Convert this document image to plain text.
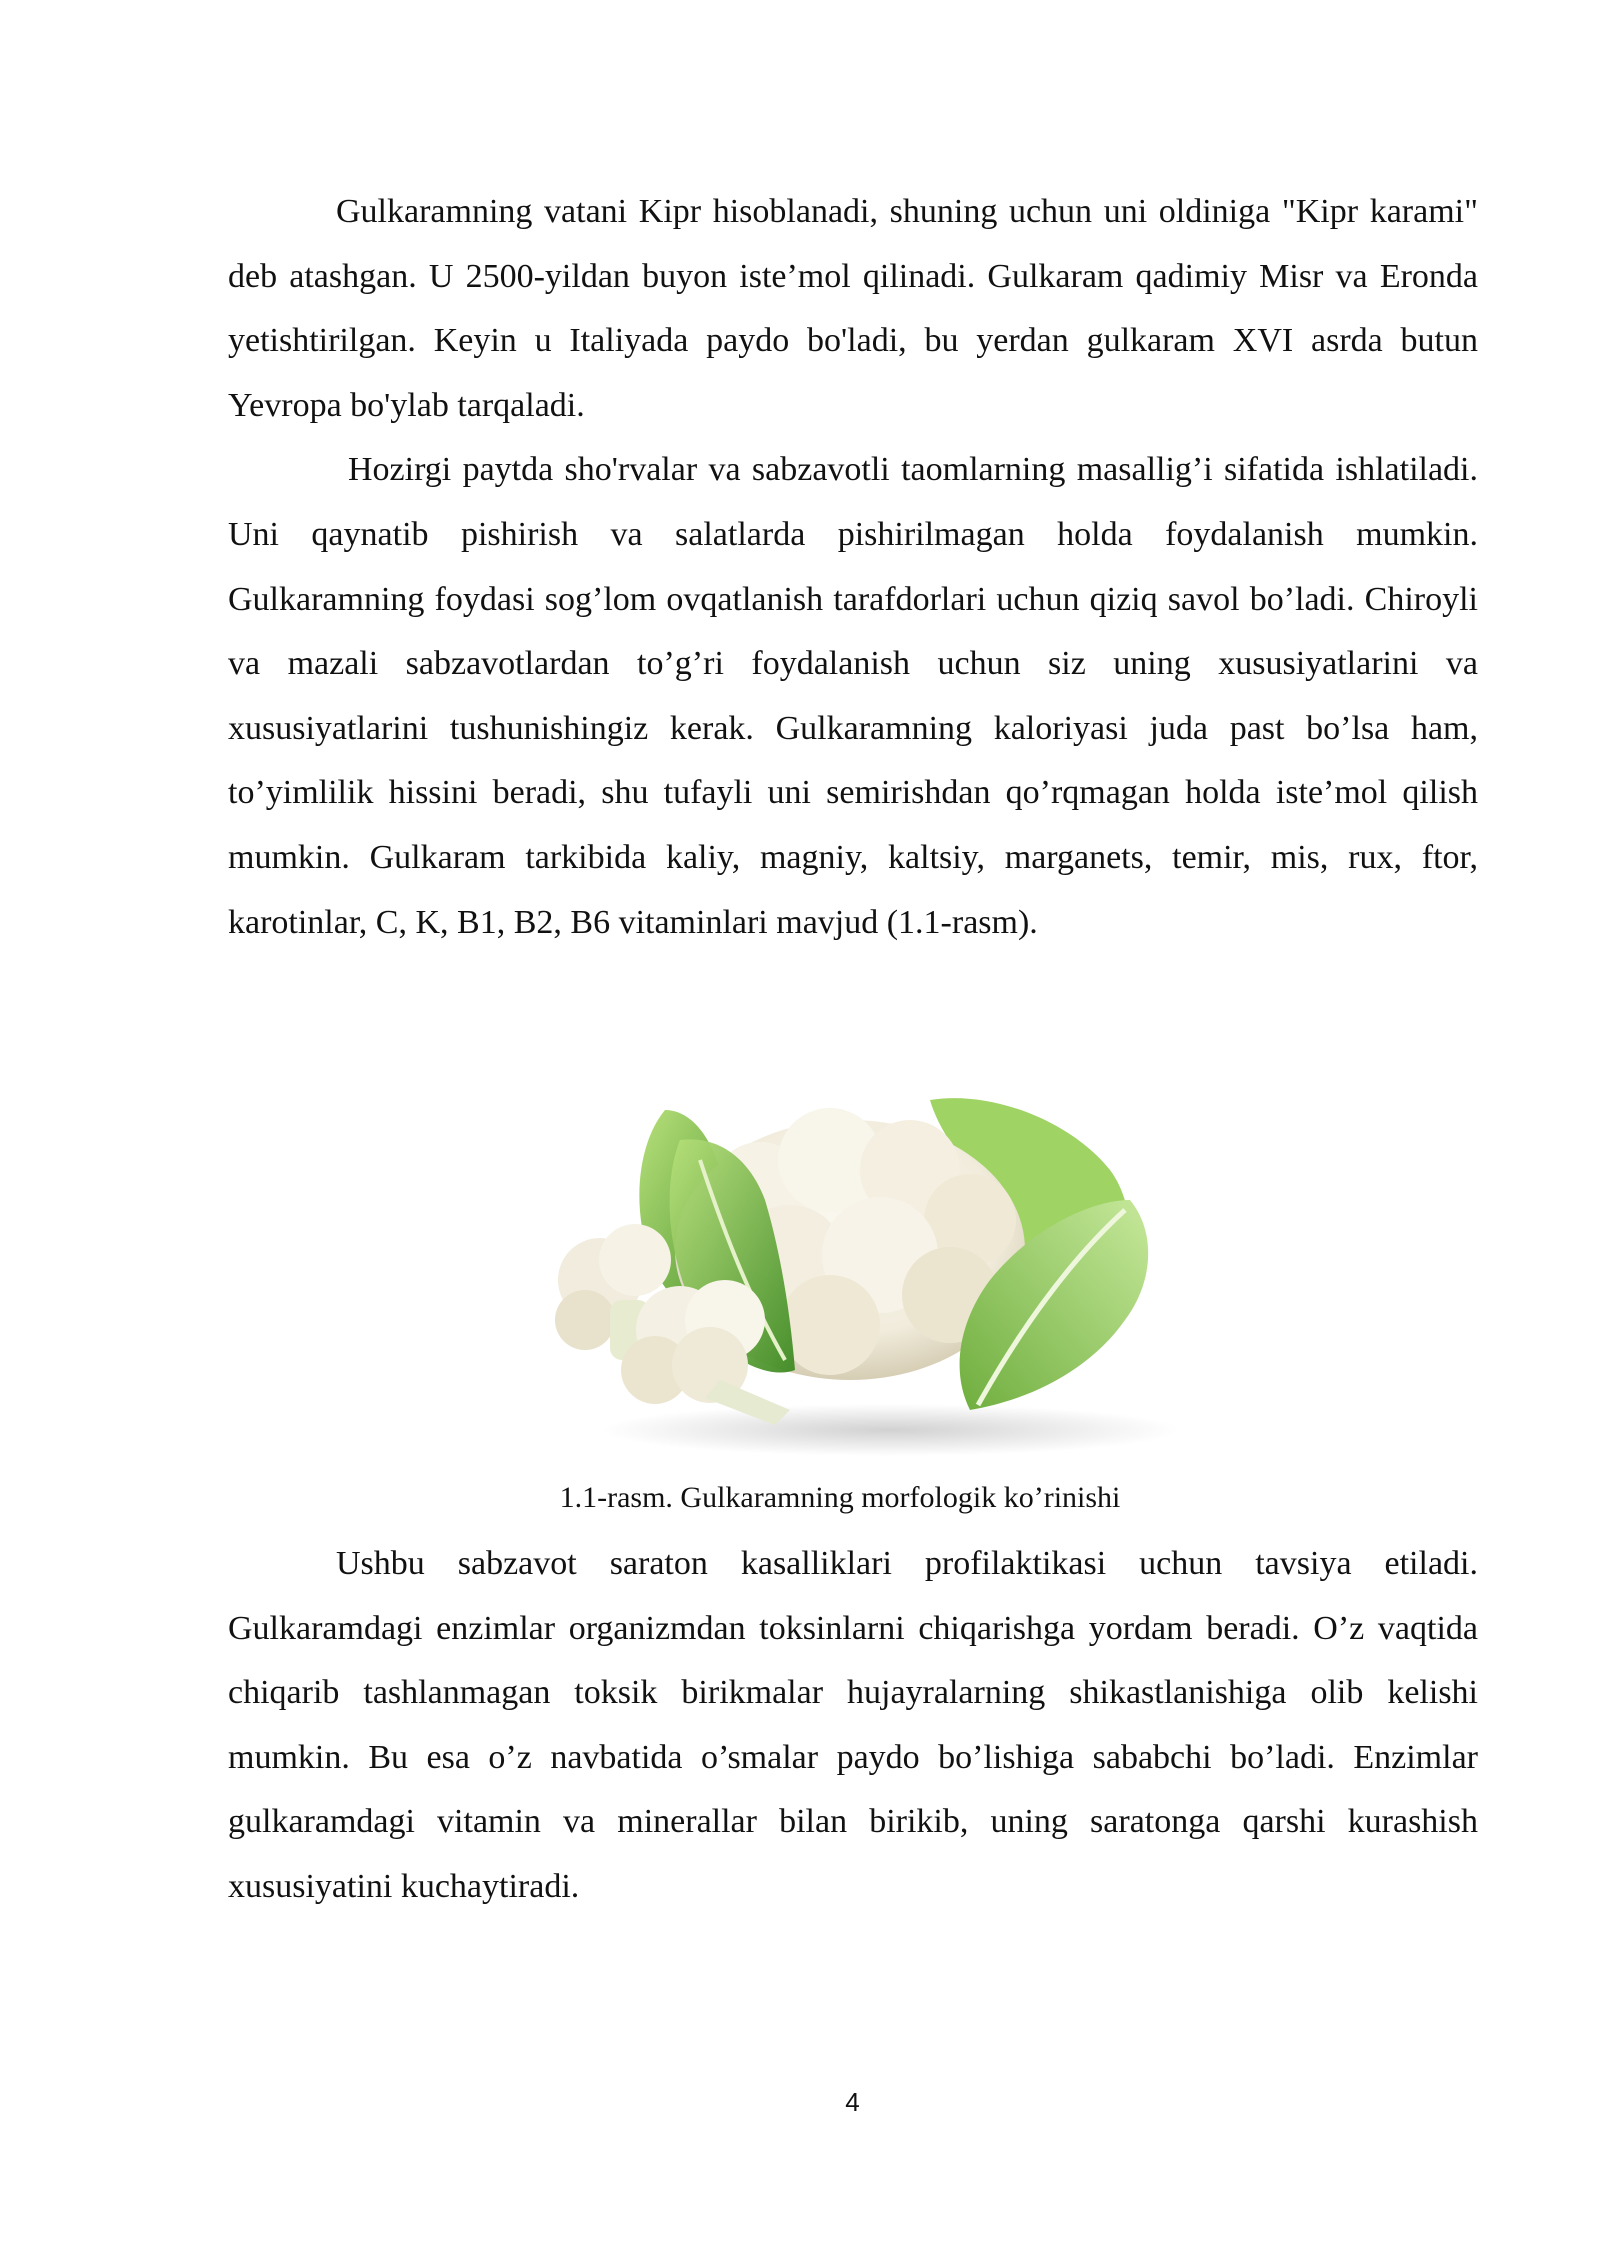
Gulkaramning vatani Kipr hisoblanadi, shuning uchun uni oldiniga "Kipr karami" deb atashgan. U 2500-yildan buyon iste’mol qilinadi. Gulkaram qadimiy Misr va Eronda yetishtirilgan. Keyin u Italiyada paydo bo'ladi, bu yerdan gulkaram XVI asrda butun Yevropa bo'ylab tarqaladi.

Hozirgi paytda sho'rvalar va sabzavotli taomlarning masallig’i sifatida ishlatiladi. Uni qaynatib pishirish va salatlarda pishirilmagan holda foydalanish mumkin. Gulkaramning foydasi sog’lom ovqatlanish tarafdorlari uchun qiziq savol bo’ladi. Chiroyli va mazali sabzavotlardan to’g’ri foydalanish uchun siz uning xususiyatlarini va xususiyatlarini tushunishingiz kerak. Gulkaramning kaloriyasi juda past bo’lsa ham, to’yimlilik hissini beradi, shu tufayli uni semirishdan qo’rqmagan holda iste’mol qilish mumkin. Gulkaram tarkibida kaliy, magniy, kaltsiy, marganets, temir, mis, rux, ftor, karotinlar, C, K, B1, B2, B6 vitaminlari mavjud (1.1-rasm).

1.1-rasm. Gulkaramning morfologik ko’rinishi

Ushbu sabzavot saraton kasalliklari profilaktikasi uchun tavsiya etiladi. Gulkaramdagi enzimlar organizmdan toksinlarni chiqarishga yordam beradi. O’z vaqtida chiqarib tashlanmagan toksik birikmalar hujayralarning shikastlanishiga olib kelishi mumkin. Bu esa o’z navbatida o’smalar paydo bo’lishiga sababchi bo’ladi. Enzimlar gulkaramdagi vitamin va minerallar bilan birikib, uning saratonga qarshi kurashish xususiyatini kuchaytiradi.

4
